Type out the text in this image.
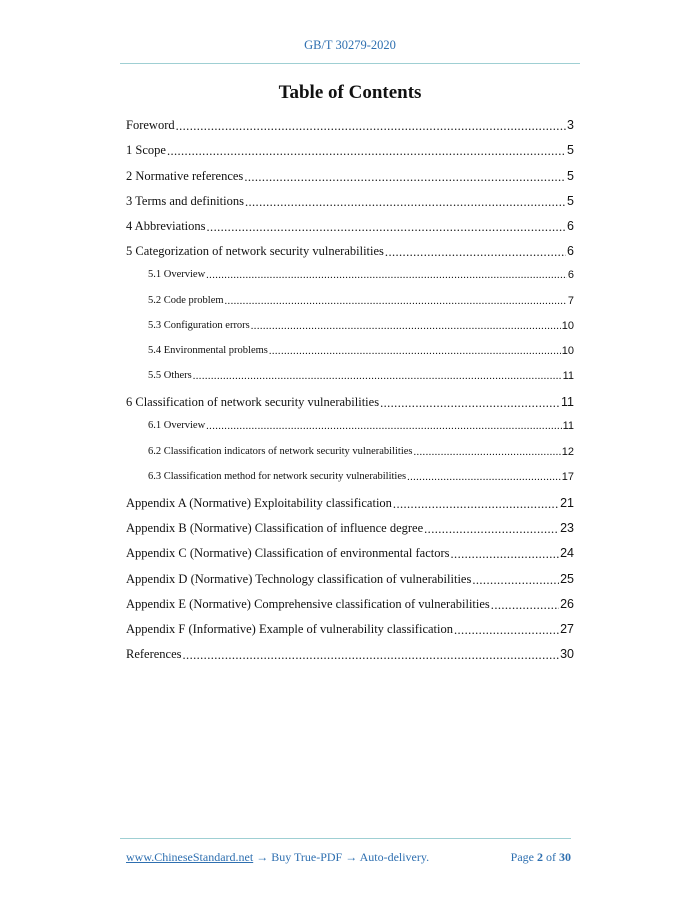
GB/T 30279-2020
Table of Contents
Foreword .....	3
1 Scope .....	5
2 Normative references .....	5
3 Terms and definitions .....	5
4 Abbreviations .....	6
5 Categorization of network security vulnerabilities .....	6
5.1 Overview .....	6
5.2 Code problem .....	7
5.3 Configuration errors .....	10
5.4 Environmental problems .....	10
5.5 Others .....	11
6 Classification of network security vulnerabilities .....	11
6.1 Overview .....	11
6.2 Classification indicators of network security vulnerabilities .....	12
6.3 Classification method for network security vulnerabilities .....	17
Appendix A (Normative) Exploitability classification .....	21
Appendix B (Normative) Classification of influence degree .....	23
Appendix C (Normative) Classification of environmental factors .....	24
Appendix D (Normative) Technology classification of vulnerabilities .....	25
Appendix E (Normative) Comprehensive classification of vulnerabilities .....	26
Appendix F (Informative) Example of vulnerability classification .....	27
References .....	30
www.ChineseStandard.net → Buy True-PDF → Auto-delivery.	Page 2 of 30
